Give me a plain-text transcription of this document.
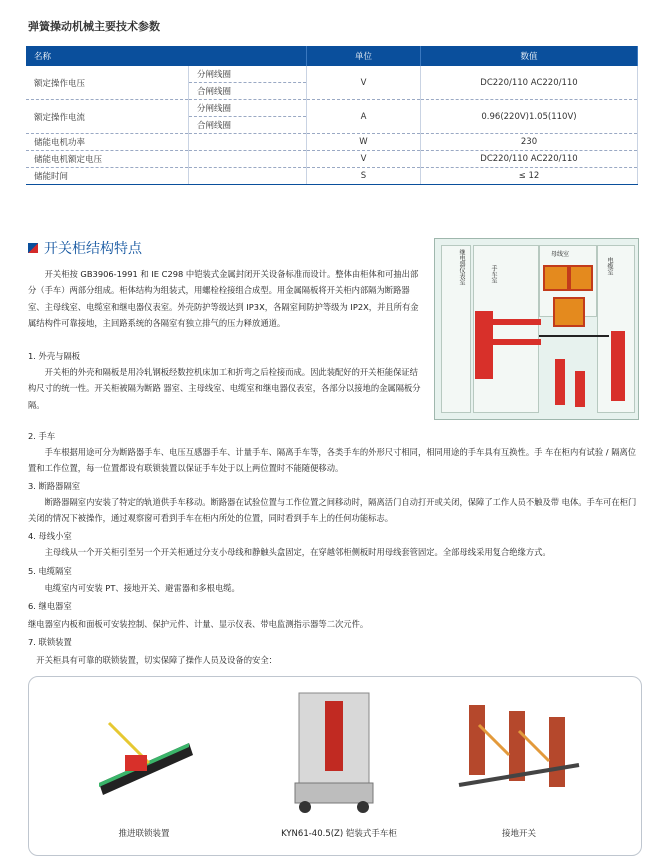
弹簧操动机械主要技术参数
名称		单位	数值
额定操作电压	分闸线圈	V	DC220/110 AC220/110
	合闸线圈		
额定操作电流	分闸线圈	A	0.96(220V)1.05(110V)
	合闸线圈		
储能电机功率		W	230
储能电机额定电压		V	DC220/110 AC220/110
储能时间		S	≤ 12
开关柜结构特点
开关柜按 GB3906-1991 和 IE C298 中铠装式金属封闭开关设备标准而设计。整体由柜体和可抽出部分（手车）两部分组成。柜体结构为组装式，用螺栓栓接组合成型。用金属隔板将开关柜内部隔为断路器室、主母线室、电缆室和继电器仪表室。外壳防护等级达到 IP3X，各隔室间防护等级为 IP2X，并且所有金属结构件可靠接地，主回路系统的各隔室有独立排气的压力释放通道。
1. 外壳与隔板
开关柜的外壳和隔板是用冷轧钢板经数控机床加工和折弯之后栓接而成。因此装配好的开关柜能保证结构尺寸的统一性。开关柜被隔为断路 器室、主母线室、电缆室和继电器仪表室，各部分以接地的金属隔板分隔。
2. 手车
手车根据用途可分为断路器手车、电压互感器手车、计量手车、隔离手车等，各类手车的外形尺寸相同，相同用途的手车具有互换性。手 车在柜内有试验 / 隔离位置和工作位置，每一位置都设有联锁装置以保证手车处于以上两位置时不能随便移动。
3. 断路器隔室
断路器隔室内安装了特定的轨道供手车移动。断路器在试验位置与工作位置之间移动时，隔离活门自动打开或关闭，保障了工作人员不触及带 电体。手车可在柜门关闭的情况下被操作，通过观察窗可看到手车在柜内所处的位置，同时看到手车上的任何功能标志。
4. 母线小室
主母线从一个开关柜引至另一个开关柜通过分支小母线和静触头盒固定，在穿越邻柜侧板时用母线套管固定。全部母线采用复合绝缘方式。
5. 电缆隔室
电缆室内可安装 PT、接地开关、避雷器和多根电缆。
6. 继电器室
继电器室内板和面板可安装控制、保护元件、计量、显示仪表、带电监测指示器等二次元件。
7. 联锁装置
开关柜具有可靠的联锁装置，切实保障了操作人员及设备的安全：
继电器仪表室	手车室
母线室
电缆室
推进联锁装置	KYN61-40.5(Z) 铠装式手车柜	接地开关
